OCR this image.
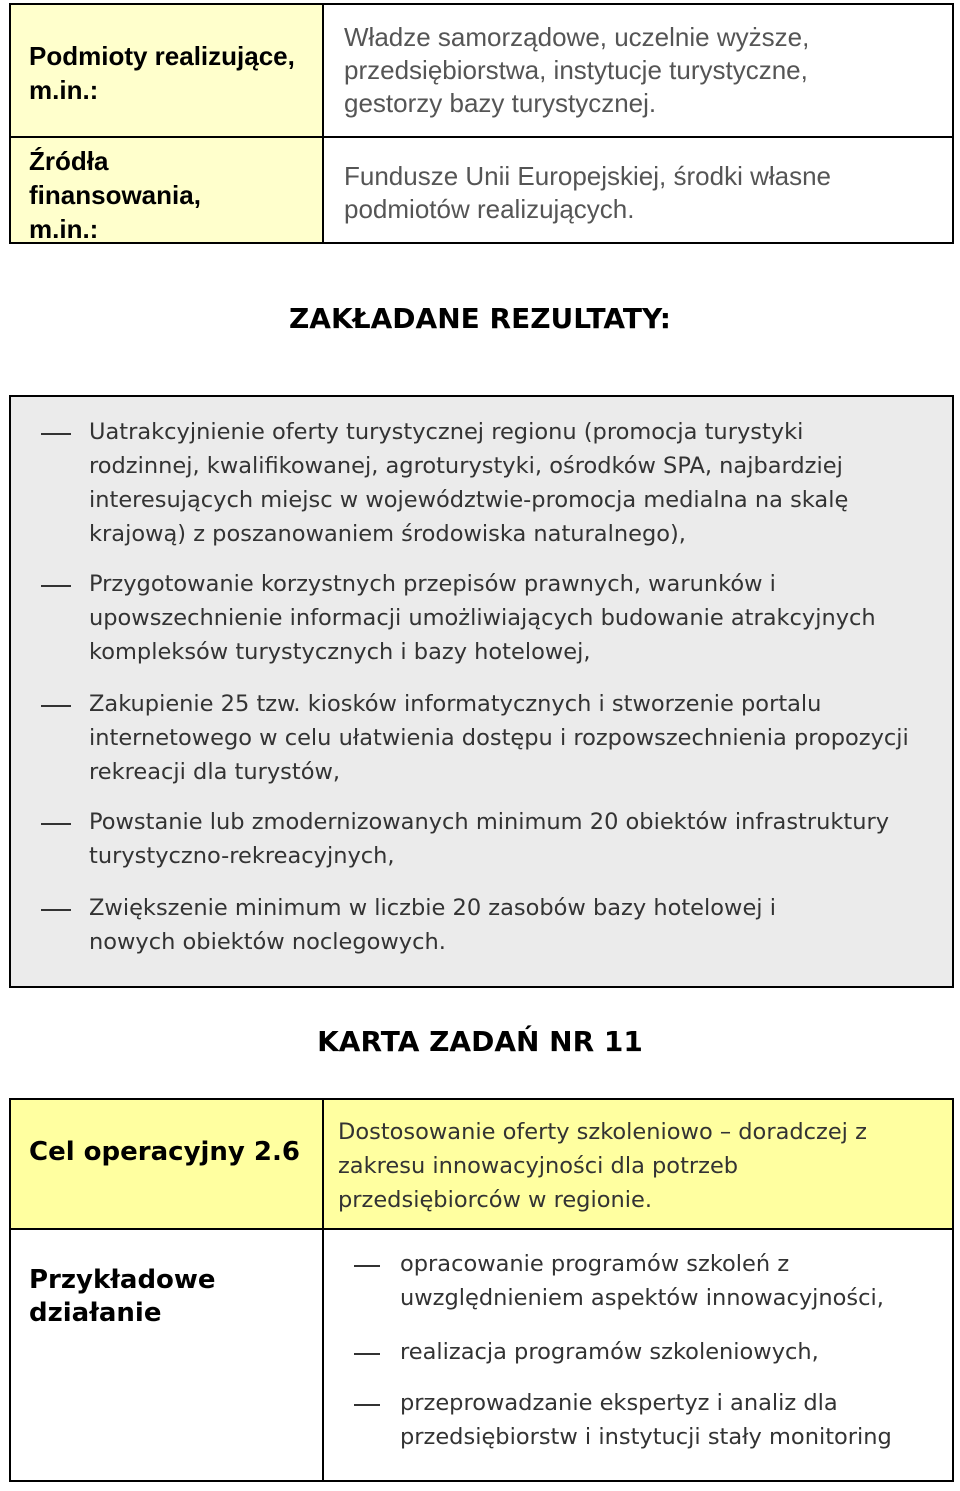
Podmioty realizujące, m.in.:
Źródła finansowania, m.in.:
Władze samorządowe, uczelnie wyższe, przedsiębiorstwa, instytucje turystyczne, gestorzy bazy turystycznej.
Fundusze Unii Europejskiej, środki własne podmiotów realizujących.
ZAKŁADANE REZULTATY:
Uatrakcyjnienie oferty turystycznej regionu (promocja turystyki rodzinnej, kwalifikowanej, agroturystyki, ośrodków SPA, najbardziej interesujących miejsc w województwie-promocja medialna na skalę krajową) z poszanowaniem środowiska naturalnego),
Przygotowanie korzystnych przepisów prawnych, warunków i upowszechnienie informacji umożliwiających budowanie atrakcyjnych kompleksów turystycznych i bazy hotelowej,
Zakupienie 25 tzw. kiosków informatycznych i stworzenie portalu internetowego w celu ułatwienia dostępu i rozpowszechnienia propozycji rekreacji dla turystów,
Powstanie lub zmodernizowanych minimum 20 obiektów infrastruktury turystyczno-rekreacyjnych,
Zwiększenie minimum w liczbie 20 zasobów bazy hotelowej i nowych obiektów noclegowych.
KARTA ZADAŃ NR 11
Cel operacyjny 2.6
Dostosowanie oferty szkoleniowo – doradczej z zakresu innowacyjności dla potrzeb przedsiębiorców w regionie.
Przykładowe działanie
opracowanie programów szkoleń z uwzględnieniem aspektów innowacyjności,
realizacja programów szkoleniowych,
przeprowadzanie ekspertyz i analiz dla przedsiębiorstw i instytucji stały monitoring
